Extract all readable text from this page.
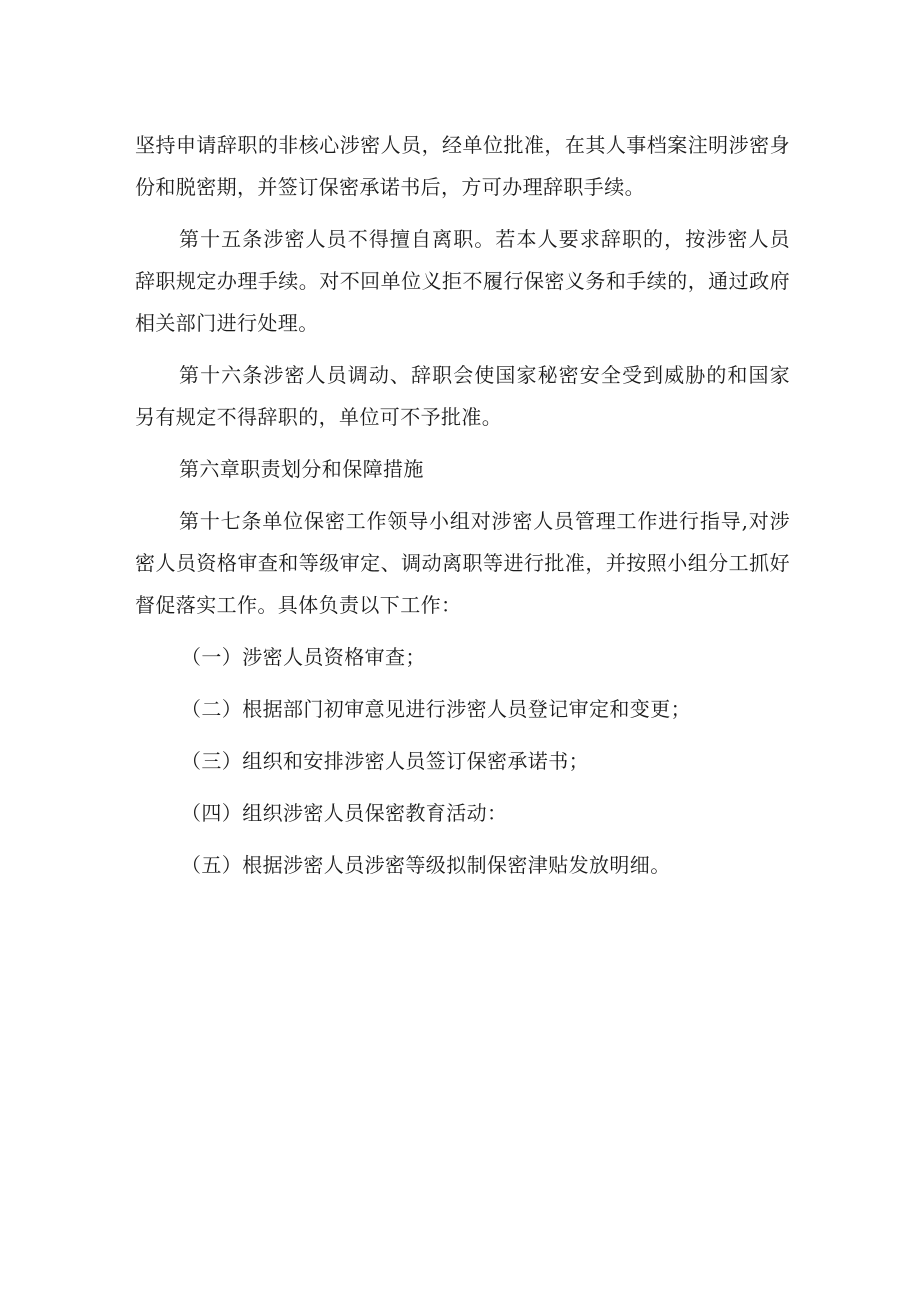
坚持申请辞职的非核心涉密人员，经单位批准，在其人事档案注明涉密身份和脱密期，并签订保密承诺书后，方可办理辞职手续。

第十五条涉密人员不得擅自离职。若本人要求辞职的，按涉密人员辞职规定办理手续。对不回单位义拒不履行保密义务和手续的，通过政府相关部门进行处理。

第十六条涉密人员调动、辞职会使国家秘密安全受到威胁的和国家另有规定不得辞职的，单位可不予批准。

第六章职责划分和保障措施

第十七条单位保密工作领导小组对涉密人员管理工作进行指导,对涉密人员资格审查和等级审定、调动离职等进行批准，并按照小组分工抓好督促落实工作。具体负责以下工作：

（一）涉密人员资格审查；

（二）根据部门初审意见进行涉密人员登记审定和变更；

（三）组织和安排涉密人员签订保密承诺书；

（四）组织涉密人员保密教育活动：

（五）根据涉密人员涉密等级拟制保密津贴发放明细。
